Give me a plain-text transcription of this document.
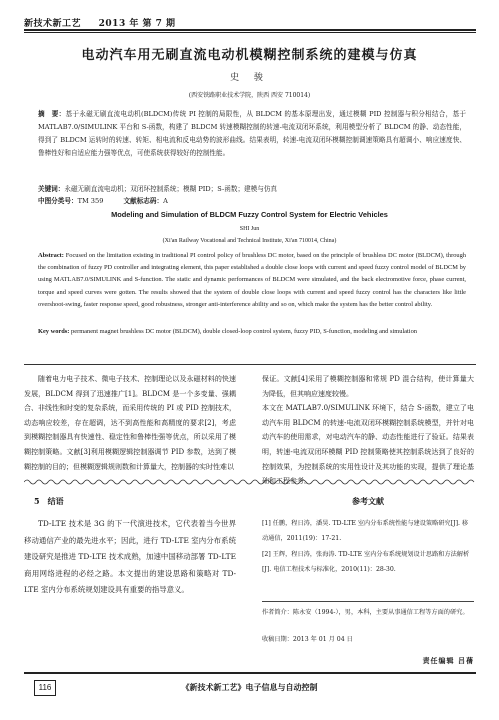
新技术新工艺 2013 年 第 7 期
电动汽车用无刷直流电动机模糊控制系统的建模与仿真
史 骏
(西安铁路职业技术学院，陕西 西安 710014)
摘　要：基于永磁无刷直流电动机(BLDCM)传统 PI 控制的局限性，从 BLDCM 的基本原理出发，通过模糊 PID 控制器与积分相结合，基于 MATLAB7.0/SIMULINK 平台和 S-函数，构建了 BLDCM 转速模糊控制的转速-电流双闭环系统，利用模型分析了 BLDCM 的静、动态性能，得到了 BLDCM 运转时的转速、转矩、相电流和反电动势的波形曲线。结果表明，转速-电流双闭环模糊控制调速策略具有超调小、响应速度快、鲁棒性好和自适应能力强等优点，可使系统获得较好的控制性能。
关键词：永磁无刷直流电动机；双闭环控制系统；模糊 PID；S-函数；建模与仿真
中图分类号：TM 359	文献标志码：A
Modeling and Simulation of BLDCM Fuzzy Control System for Electric Vehicles
SHI Jun
(Xi'an Railway Vocational and Technical Institute, Xi'an 710014, China)
Abstract: Focused on the limitation existing in traditional PI control policy of brushless DC motor, based on the principle of brushless DC motor (BLDCM), through the combination of fuzzy PD controller and integrating element, this paper established a double close loops with current and speed fuzzy control model of BLDCM by using MATLAB7.0/SIMULINK and S-function. The static and dynamic performances of BLDCM were simulated, and the back electromotive force, phase current, torque and speed curves were gotten. The results showed that the system of double close loops with current and speed fuzzy control has the characters like little overshoot-swing, faster response speed, good robustness, stronger anti-interference ability and so on, which make the system has the better control ability.
Key words: permanent magnet brushless DC motor (BLDCM), double closed-loop control system, fuzzy PID, S-function, modeling and simulation
随着电力电子技术、微电子技术、控制理论以及永磁材料的快速发展，BLDCM 得到了迅速推广[1]。BLDCM 是一个多变量、强耦合、非线性和时变的复杂系统，而采用传统的 PI 或 PID 控制技术，动态响应较差，存在超调，达不到高性能和高精度的要求[2]，考虑到模糊控制器具有快速性、稳定性和鲁棒性强等优点，所以采用了模糊控制策略。文献[3]利用模糊逻辑控制器调节 PID 参数，达到了模糊控制的目的；但模糊逻辑规则数和计算量大，控制器的实时性难以
保证。文献[4]采用了模糊控制器和常规 PD 混合结构，使计算量大为降低，但其响应速度较慢。
本文在 MATLAB7.0/SIMULINK 环境下，结合 S-函数，建立了电动汽车用 BLDCM 的转速-电流双闭环模糊控制系统模型，并针对电动汽车的使用需求，对电动汽车的静、动态性能进行了验证。结果表明，转速-电流双闭环模糊 PID 控制策略使其控制系统达到了良好的控制效果，为控制系统的实用性设计及其功能的实现，提供了理论基础和工程参考。
5　结语	参考文献
TD-LTE 技术是 3G 的下一代演进技术，它代表着当今世界移动通信产业的最先进水平；因此，进行 TD-LTE 室内分布系统建设研究是推进 TD-LTE 技术成熟，加速中国移动部署 TD-LTE 商用网络进程的必经之路。本文提出的建设思路和策略对 TD-LTE 室内分布系统规划建设具有重要的指导意义。
[1] 任鹏，程日涛，潘昊. TD-LTE 室内分布系统性能与建设策略研究[J]. 移动通信，2011(19)：17-21.
[2] 王辉，程日涛，张海涛. TD-LTE 室内分布系统规划设计思路和方法解析[J]. 电信工程技术与标准化，2010(11)：28-30.
作者简介：陈永安（1994-），男，本科，主要从事通信工程等方面的研究。
收稿日期：2013 年 01 月 04 日
责任编辑 吕蒨
116	《新技术新工艺》电子信息与自动控制
